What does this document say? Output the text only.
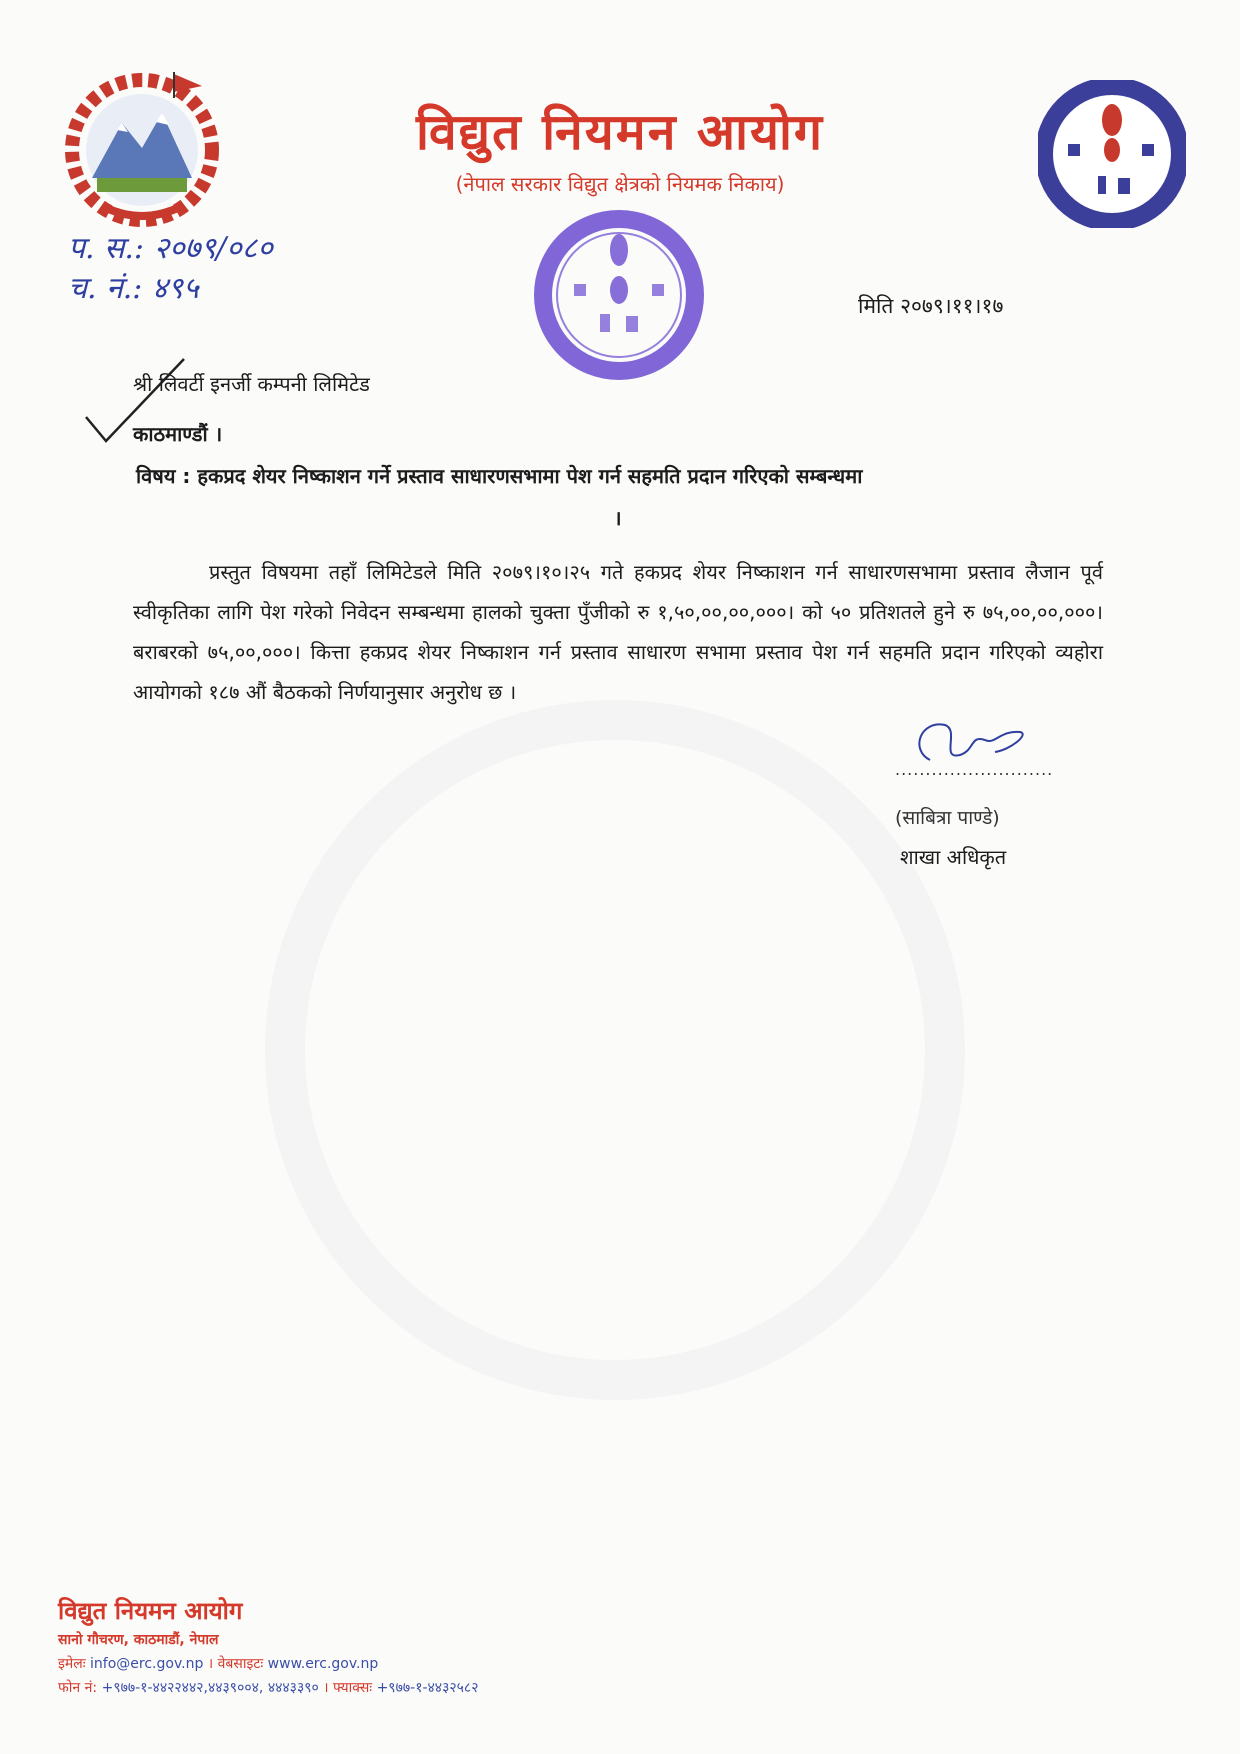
विद्युत नियमन आयोग
(नेपाल सरकार विद्युत क्षेत्रको नियमक निकाय)
प. स.: २०७९/०८०
च. नं.: ४९५	मिति २०७९।११।१७
श्री लिवर्टी इनर्जी कम्पनी लिमिटेड
काठमाण्डौं ।
विषय : हकप्रद शेयर निष्काशन गर्ने प्रस्ताव साधारणसभामा पेश गर्न सहमति प्रदान गरिएको सम्बन्धमा
।
प्रस्तुत विषयमा तहाँ लिमिटेडले मिति २०७९।१०।२५ गते हकप्रद शेयर निष्काशन गर्न साधारणसभामा प्रस्ताव लैजान पूर्व स्वीकृतिका लागि पेश गरेको निवेदन सम्बन्धमा हालको चुक्ता पुँजीको रु १,५०,००,००,०००। को ५० प्रतिशतले हुने रु ७५,००,००,०००। बराबरको ७५,००,०००। कित्ता हकप्रद शेयर निष्काशन गर्न प्रस्ताव साधारण सभामा प्रस्ताव पेश गर्न सहमति प्रदान गरिएको व्यहोरा आयोगको १८७ औं बैठकको निर्णयानुसार अनुरोध छ ।
..........................
(साबित्रा पाण्डे)
शाखा अधिकृत
विद्युत नियमन आयोग
सानो गौचरण, काठमाडौं, नेपाल
इमेलः info@erc.gov.np । वेबसाइटः www.erc.gov.np
फोन नं: +९७७-१-४४२२४४२,४४३९००४, ४४४३३९० । फ्याक्सः +९७७-१-४४३२५८२
